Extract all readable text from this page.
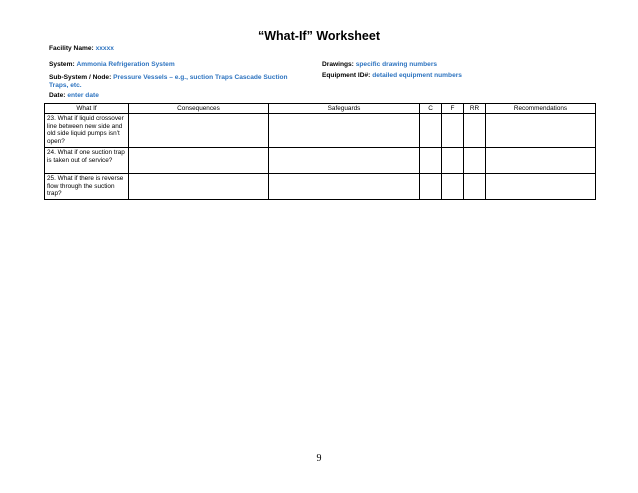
“What-If” Worksheet
Facility Name: xxxxx
System: Ammonia Refrigeration System
Sub-System / Node: Pressure Vessels – e.g., suction Traps Cascade Suction Traps, etc.
Date: enter date
Drawings: specific drawing numbers
Equipment ID#: detailed equipment numbers
What If	Consequences	Safeguards	C	F	RR	Recommendations
23. What if liquid crossover line between new side and old side liquid pumps isn’t open?						
24. What if one suction trap is taken out of service?						
25. What if there is reverse flow through the suction trap?						
9
